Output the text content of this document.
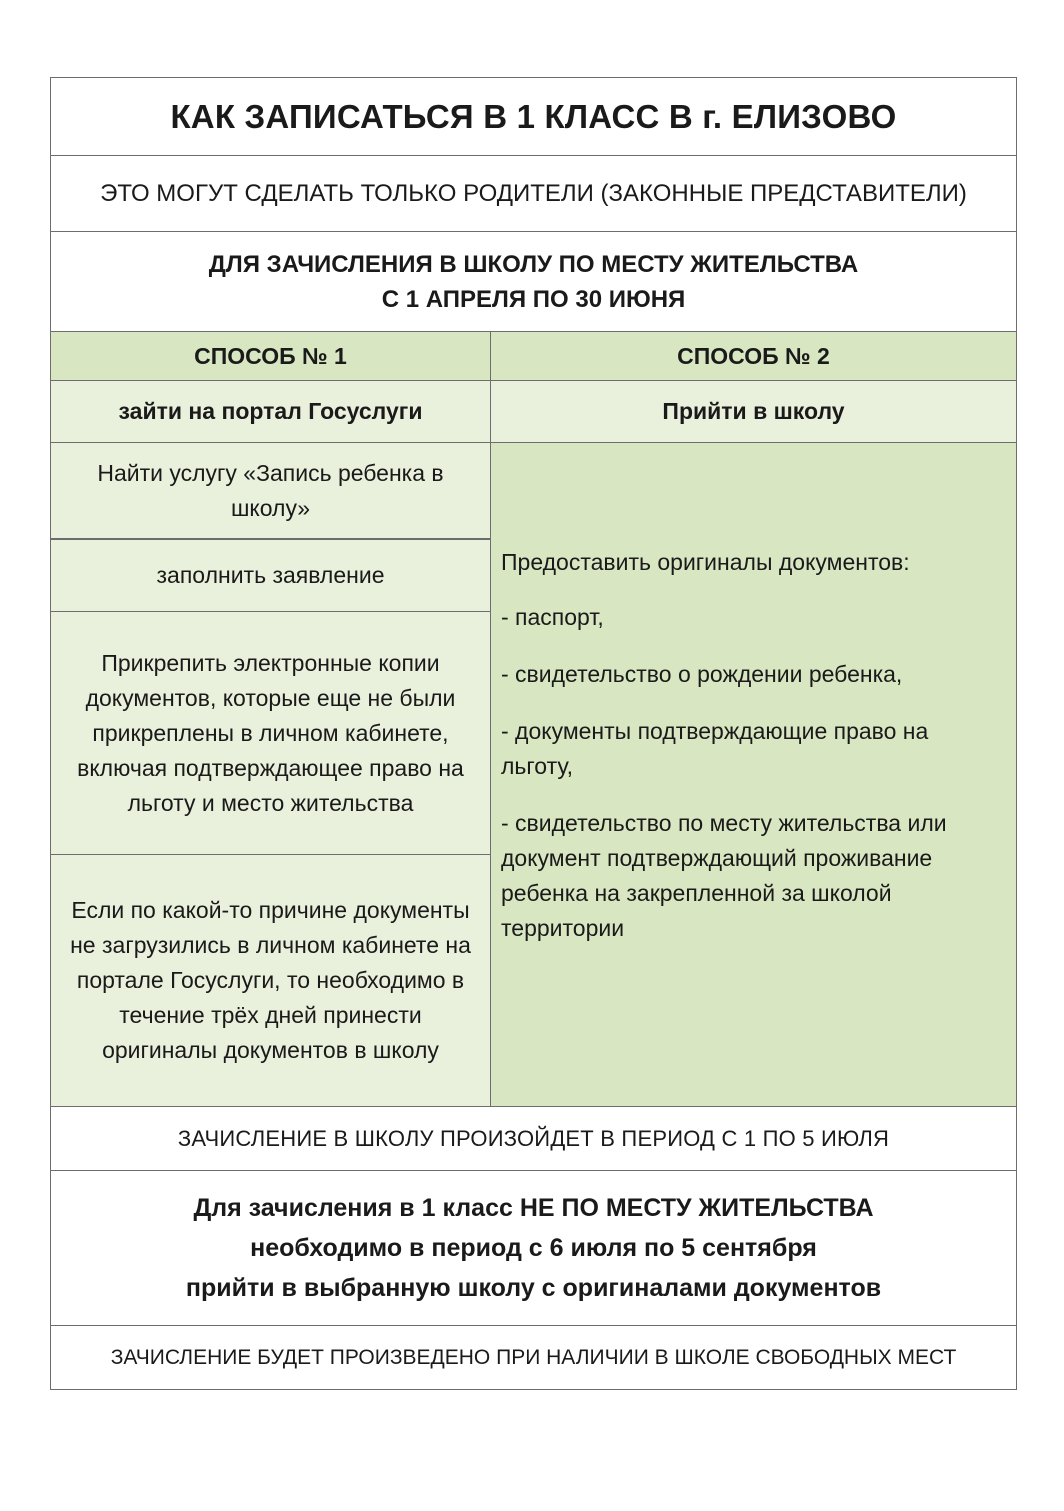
КАК ЗАПИСАТЬСЯ В 1 КЛАСС В г. ЕЛИЗОВО
ЭТО МОГУТ СДЕЛАТЬ ТОЛЬКО РОДИТЕЛИ (ЗАКОННЫЕ ПРЕДСТАВИТЕЛИ)
ДЛЯ ЗАЧИСЛЕНИЯ В ШКОЛУ ПО МЕСТУ ЖИТЕЛЬСТВА
С 1 АПРЕЛЯ ПО 30 ИЮНЯ
СПОСОБ № 1
зайти на портал Госуслуги
Найти услугу «Запись ребенка в школу»
заполнить заявление
Прикрепить электронные копии документов, которые еще не были прикреплены в личном кабинете, включая подтверждающее право на льготу и место жительства
Если по какой-то причине документы не загрузились в личном кабинете на портале Госуслуги, то необходимо в течение трёх дней принести оригиналы документов в школу
СПОСОБ № 2
Прийти в школу

Предоставить оригиналы документов:

- паспорт,

- свидетельство о рождении ребенка,

- документы подтверждающие право на льготу,

- свидетельство по месту жительства или документ подтверждающий проживание ребенка на закрепленной за школой территории

ЗАЧИСЛЕНИЕ В ШКОЛУ ПРОИЗОЙДЕТ В ПЕРИОД С 1 ПО 5 ИЮЛЯ
Для зачисления в 1 класс НЕ ПО МЕСТУ ЖИТЕЛЬСТВА
необходимо в период с 6 июля по 5 сентября
прийти в выбранную школу с оригиналами документов
ЗАЧИСЛЕНИЕ БУДЕТ ПРОИЗВЕДЕНО ПРИ НАЛИЧИИ В ШКОЛЕ СВОБОДНЫХ МЕСТ
